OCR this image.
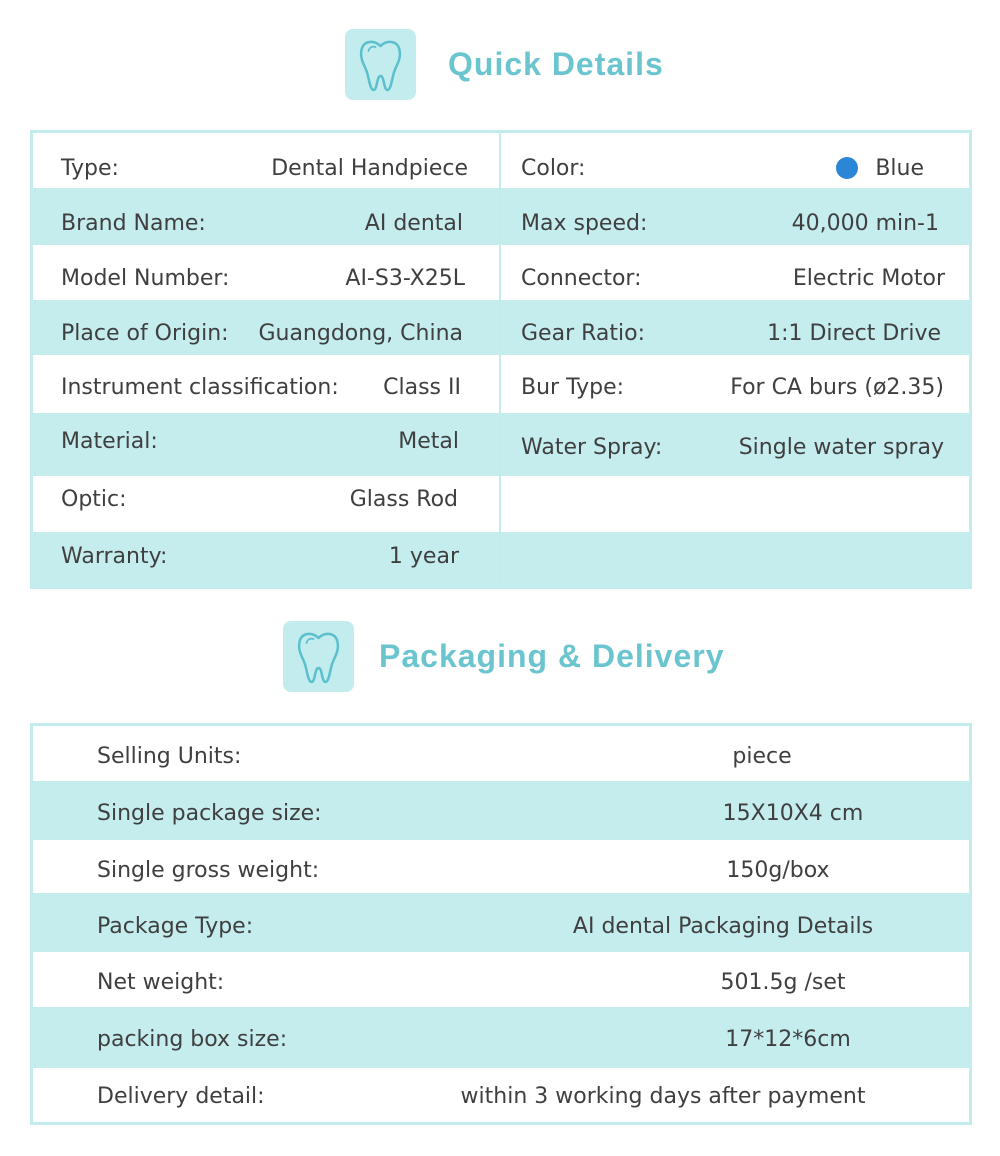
Quick Details
Type:	Dental Handpiece
Brand Name:	AI dental
Model Number:	AI-S3-X25L
Place of Origin: Guangdong, China
Instrument classification: Class II
Material:	Metal
Optic:	Glass Rod
Warranty:	1 year
Color:	Blue
Max speed:	40,000 min-1
Connector:	Electric Motor
Gear Ratio:	1:1 Direct Drive
Bur Type:	For CA burs (ø2.35)
Water Spray:	Single water spray
Packaging & Delivery
Selling Units:	piece
Single package size:	15X10X4 cm
Single gross weight:	150g/box
Package Type:	AI dental Packaging Details
Net weight:	501.5g /set
packing box size:	17*12*6cm
Delivery detail:	within 3 working days after payment
